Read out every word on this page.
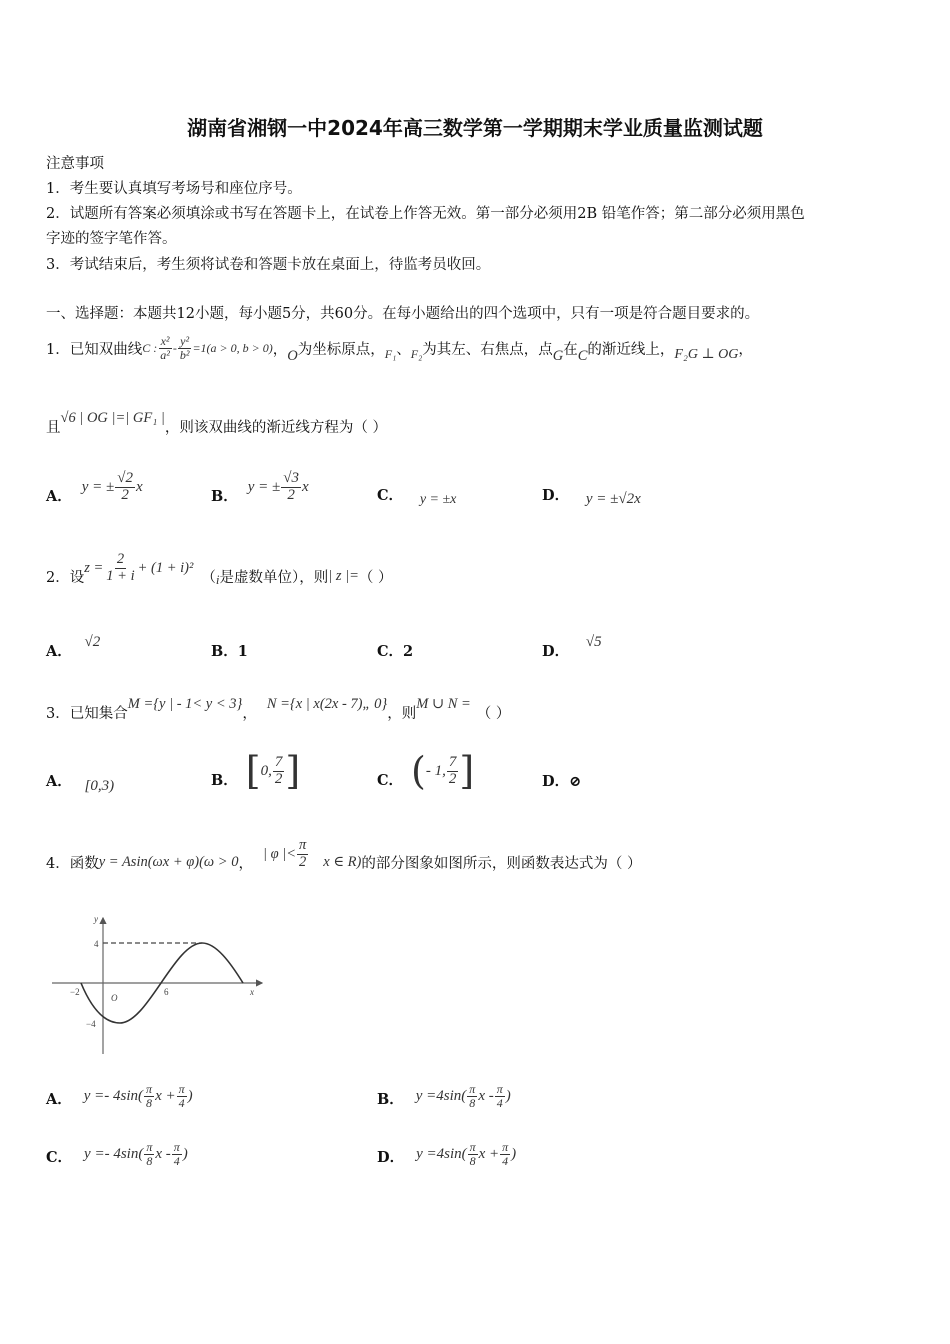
湖南省湘钢一中2024年高三数学第一学期期末学业质量监测试题
注意事项
1．考生要认真填写考场号和座位序号。
2．试题所有答案必须填涂或书写在答题卡上，在试卷上作答无效。第一部分必须用2B 铅笔作答；第二部分必须用黑色
字迹的签字笔作答。
3．考试结束后，考生须将试卷和答题卡放在桌面上，待监考员收回。
一、选择题：本题共12小题，每小题5分，共60分。在每小题给出的四个选项中，只有一项是符合题目要求的。
1．已知双曲线 C : $\frac{\text{x²}}{\text{a²}} - \frac{\text{y²}}{\text{b²}} =1(a > 0$, b > 0) ， O 为坐标原点， F₁ 、 F₂ 为其左、右焦点，点 G 在 C 的渐近线上， F₂G ⊥ OG ，
且
√6 | OG |=| GF₁ |
，则该双曲线的渐近线方程为（ ）
A．
y = ± $\frac{√2}{2}$ x
B．
y = ± $\frac{√3}{2}$ x
C． y = ±x	D． y = ±√2x
2．设
$z = \frac{2}{1 + i} + (1 + i)^2$
（ i 是虚数单位），则 | z |= （ ）
A． √2
B．1	C．2	D． √5
3．已知集合
M ={y | - 1< y < 3}
，
N ={x | x(2x - 7)„ 0}
，则
M ∪ N =
（ ）
A． [0,3)	B． [ 0, $\frac{7}{2}$ ]	C． ( - 1, $\frac{7}{2}$ ]	D．⊘
4．函数 y = Asin(ωx + φ)(ω > 0 ，
| φ |< $\frac{\pi}{2}$ x ∈ R) 的部分图象如图所示，则函数表达式为（ ）
y
x
4
−4
−2	6
O
A． $y =- 4\sin( \frac{\pi}{8}$ $x + \frac{\pi}{4}$ )	B． $y =4\sin( \frac{\pi}{8}$ x - $\frac{\pi}{4}$ )
C． $y =- 4\sin( \frac{\pi}{8}$ x - $\frac{\pi}{4}$ )	D． $y =4\sin( \frac{\pi}{8}$ $x + \frac{\pi}{4}$ )
